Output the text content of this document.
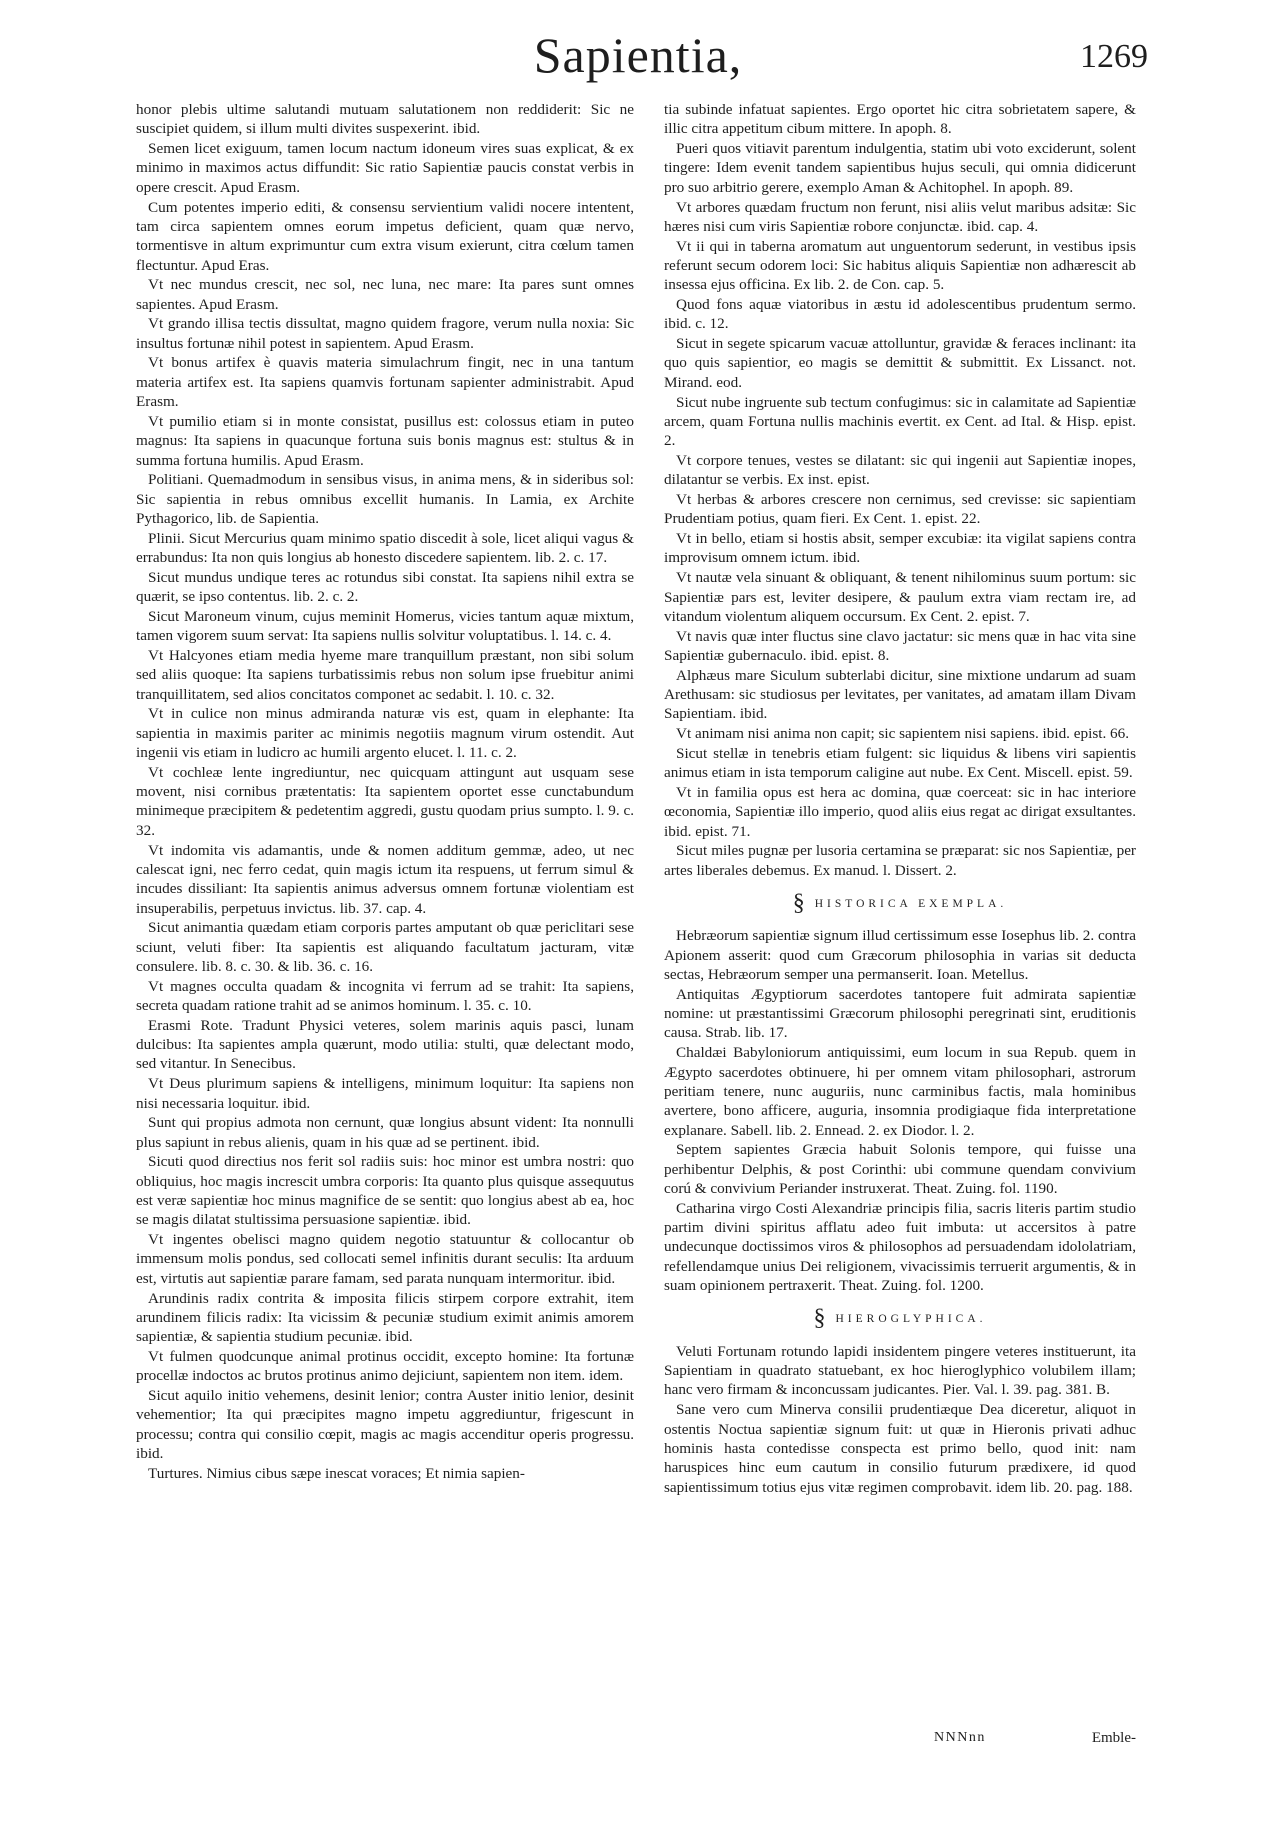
Sapientia,	1269

honor plebis ultime salutandi mutuam salutationem non reddiderit: Sic ne suscipiet quidem, si illum multi divites suspexerint. ibid.

Semen licet exiguum, tamen locum nactum idoneum vires suas explicat, & ex minimo in maximos actus diffundit: Sic ratio Sapientiæ paucis constat verbis in opere crescit. Apud Erasm.

Cum potentes imperio editi, & consensu servientium validi nocere intentent, tam circa sapientem omnes eorum impetus deficient, quam quæ nervo, tormentisve in altum exprimuntur cum extra visum exierunt, citra cœlum tamen flectuntur. Apud Eras.

Vt nec mundus crescit, nec sol, nec luna, nec mare: Ita pares sunt omnes sapientes. Apud Erasm.

Vt grando illisa tectis dissultat, magno quidem fragore, verum nulla noxia: Sic insultus fortunæ nihil potest in sapientem. Apud Erasm.

Vt bonus artifex è quavis materia simulachrum fingit, nec in una tantum materia artifex est. Ita sapiens quamvis fortunam sapienter administrabit. Apud Erasm.

Vt pumilio etiam si in monte consistat, pusillus est: colossus etiam in puteo magnus: Ita sapiens in quacunque fortuna suis bonis magnus est: stultus & in summa fortuna humilis. Apud Erasm.

Politiani. Quemadmodum in sensibus visus, in anima mens, & in sideribus sol: Sic sapientia in rebus omnibus excellit humanis. In Lamia, ex Archite Pythagorico, lib. de Sapientia.

Plinii. Sicut Mercurius quam minimo spatio discedit à sole, licet aliqui vagus & errabundus: Ita non quis longius ab honesto discedere sapientem. lib. 2. c. 17.

Sicut mundus undique teres ac rotundus sibi constat. Ita sapiens nihil extra se quærit, se ipso contentus. lib. 2. c. 2.

Sicut Maroneum vinum, cujus meminit Homerus, vicies tantum aquæ mixtum, tamen vigorem suum servat: Ita sapiens nullis solvitur voluptatibus. l. 14. c. 4.

Vt Halcyones etiam media hyeme mare tranquillum præstant, non sibi solum sed aliis quoque: Ita sapiens turbatissimis rebus non solum ipse fruebitur animi tranquillitatem, sed alios concitatos componet ac sedabit. l. 10. c. 32.

Vt in culice non minus admiranda naturæ vis est, quam in elephante: Ita sapientia in maximis pariter ac minimis negotiis magnum virum ostendit. Aut ingenii vis etiam in ludicro ac humili argento elucet. l. 11. c. 2.

Vt cochleæ lente ingrediuntur, nec quicquam attingunt aut usquam sese movent, nisi cornibus prætentatis: Ita sapientem oportet esse cunctabundum minimeque præcipitem & pedetentim aggredi, gustu quodam prius sumpto. l. 9. c. 32.

Vt indomita vis adamantis, unde & nomen additum gemmæ, adeo, ut nec calescat igni, nec ferro cedat, quin magis ictum ita respuens, ut ferrum simul & incudes dissiliant: Ita sapientis animus adversus omnem fortunæ violentiam est insuperabilis, perpetuus invictus. lib. 37. cap. 4.

Sicut animantia quædam etiam corporis partes amputant ob quæ periclitari sese sciunt, veluti fiber: Ita sapientis est aliquando facultatum jacturam, vitæ consulere. lib. 8. c. 30. & lib. 36. c. 16.

Vt magnes occulta quadam & incognita vi ferrum ad se trahit: Ita sapiens, secreta quadam ratione trahit ad se animos hominum. l. 35. c. 10.

Erasmi Rote. Tradunt Physici veteres, solem marinis aquis pasci, lunam dulcibus: Ita sapientes ampla quærunt, modo utilia: stulti, quæ delectant modo, sed vitantur. In Senecibus.

Vt Deus plurimum sapiens & intelligens, minimum loquitur: Ita sapiens non nisi necessaria loquitur. ibid.

Sunt qui propius admota non cernunt, quæ longius absunt vident: Ita nonnulli plus sapiunt in rebus alienis, quam in his quæ ad se pertinent. ibid.

Sicuti quod directius nos ferit sol radiis suis: hoc minor est umbra nostri: quo obliquius, hoc magis increscit umbra corporis: Ita quanto plus quisque assequutus est veræ sapientiæ hoc minus magnifice de se sentit: quo longius abest ab ea, hoc se magis dilatat stultissima persuasione sapientiæ. ibid.

Vt ingentes obelisci magno quidem negotio statuuntur & collocantur ob immensum molis pondus, sed collocati semel infinitis durant seculis: Ita arduum est, virtutis aut sapientiæ parare famam, sed parata nunquam intermoritur. ibid.

Arundinis radix contrita & imposita filicis stirpem corpore extrahit, item arundinem filicis radix: Ita vicissim & pecuniæ studium eximit animis amorem sapientiæ, & sapientia studium pecuniæ. ibid.

Vt fulmen quodcunque animal protinus occidit, excepto homine: Ita fortunæ procellæ indoctos ac brutos protinus animo dejiciunt, sapientem non item. idem.

Sicut aquilo initio vehemens, desinit lenior; contra Auster initio lenior, desinit vehementior; Ita qui præcipites magno impetu aggrediuntur, frigescunt in processu; contra qui consilio cœpit, magis ac magis accenditur operis progressu. ibid.

Turtures. Nimius cibus sæpe inescat voraces; Et nimia sapien-

tia subinde infatuat sapientes. Ergo oportet hic citra sobrietatem sapere, & illic citra appetitum cibum mittere. In apoph. 8.

Pueri quos vitiavit parentum indulgentia, statim ubi voto exciderunt, solent tingere: Idem evenit tandem sapientibus hujus seculi, qui omnia didicerunt pro suo arbitrio gerere, exemplo Aman & Achitophel. In apoph. 89.

Vt arbores quædam fructum non ferunt, nisi aliis velut maribus adsitæ: Sic hæres nisi cum viris Sapientiæ robore conjunctæ. ibid. cap. 4.

Vt ii qui in taberna aromatum aut unguentorum sederunt, in vestibus ipsis referunt secum odorem loci: Sic habitus aliquis Sapientiæ non adhærescit ab insessa ejus officina. Ex lib. 2. de Con. cap. 5.

Quod fons aquæ viatoribus in æstu id adolescentibus prudentum sermo. ibid. c. 12.

Sicut in segete spicarum vacuæ attolluntur, gravidæ & feraces inclinant: ita quo quis sapientior, eo magis se demittit & submittit. Ex Lissanct. not. Mirand. eod.

Sicut nube ingruente sub tectum confugimus: sic in calamitate ad Sapientiæ arcem, quam Fortuna nullis machinis evertit. ex Cent. ad Ital. & Hisp. epist. 2.

Vt corpore tenues, vestes se dilatant: sic qui ingenii aut Sapientiæ inopes, dilatantur se verbis. Ex inst. epist.

Vt herbas & arbores crescere non cernimus, sed crevisse: sic sapientiam Prudentiam potius, quam fieri. Ex Cent. 1. epist. 22.

Vt in bello, etiam si hostis absit, semper excubiæ: ita vigilat sapiens contra improvisum omnem ictum. ibid.

Vt nautæ vela sinuant & obliquant, & tenent nihilominus suum portum: sic Sapientiæ pars est, leviter desipere, & paulum extra viam rectam ire, ad vitandum violentum aliquem occursum. Ex Cent. 2. epist. 7.

Vt navis quæ inter fluctus sine clavo jactatur: sic mens quæ in hac vita sine Sapientiæ gubernaculo. ibid. epist. 8.

Alphæus mare Siculum subterlabi dicitur, sine mixtione undarum ad suam Arethusam: sic studiosus per levitates, per vanitates, ad amatam illam Divam Sapientiam. ibid.

Vt animam nisi anima non capit; sic sapientem nisi sapiens. ibid. epist. 66.

Sicut stellæ in tenebris etiam fulgent: sic liquidus & libens viri sapientis animus etiam in ista temporum caligine aut nube. Ex Cent. Miscell. epist. 59.

Vt in familia opus est hera ac domina, quæ coerceat: sic in hac interiore œconomia, Sapientiæ illo imperio, quod aliis eius regat ac dirigat exsultantes. ibid. epist. 71.

Sicut miles pugnæ per lusoria certamina se præparat: sic nos Sapientiæ, per artes liberales debemus. Ex manud. l. Dissert. 2.

§ HISTORICA EXEMPLA.

Hebræorum sapientiæ signum illud certissimum esse Iosephus lib. 2. contra Apionem asserit: quod cum Græcorum philosophia in varias sit deducta sectas, Hebræorum semper una permanserit. Ioan. Metellus.

Antiquitas Ægyptiorum sacerdotes tantopere fuit admirata sapientiæ nomine: ut præstantissimi Græcorum philosophi peregrinati sint, eruditionis causa. Strab. lib. 17.

Chaldæi Babyloniorum antiquissimi, eum locum in sua Repub. quem in Ægypto sacerdotes obtinuere, hi per omnem vitam philosophari, astrorum peritiam tenere, nunc auguriis, nunc carminibus factis, mala hominibus avertere, bono afficere, auguria, insomnia prodigiaque fida interpretatione explanare. Sabell. lib. 2. Ennead. 2. ex Diodor. l. 2.

Septem sapientes Græcia habuit Solonis tempore, qui fuisse una perhibentur Delphis, & post Corinthi: ubi commune quendam convivium corú & convivium Periander instruxerat. Theat. Zuing. fol. 1190.

Catharina virgo Costi Alexandriæ principis filia, sacris literis partim studio partim divini spiritus afflatu adeo fuit imbuta: ut accersitos à patre undecunque doctissimos viros & philosophos ad persuadendam idololatriam, refellendamque unius Dei religionem, vivacissimis terruerit argumentis, & in suam opinionem pertraxerit. Theat. Zuing. fol. 1200.

§ HIEROGLYPHICA.

Veluti Fortunam rotundo lapidi insidentem pingere veteres instituerunt, ita Sapientiam in quadrato statuebant, ex hoc hieroglyphico volubilem illam; hanc vero firmam & inconcussam judicantes. Pier. Val. l. 39. pag. 381. B.

Sane vero cum Minerva consilii prudentiæque Dea diceretur, aliquot in ostentis Noctua sapientiæ signum fuit: ut quæ in Hieronis privati adhuc hominis hasta contedisse conspecta est primo bello, quod init: nam haruspices hinc eum cautum in consilio futurum prædixere, id quod sapientissimum totius ejus vitæ regimen comprobavit. idem lib. 20. pag. 188.

NNNnn	Emble-
